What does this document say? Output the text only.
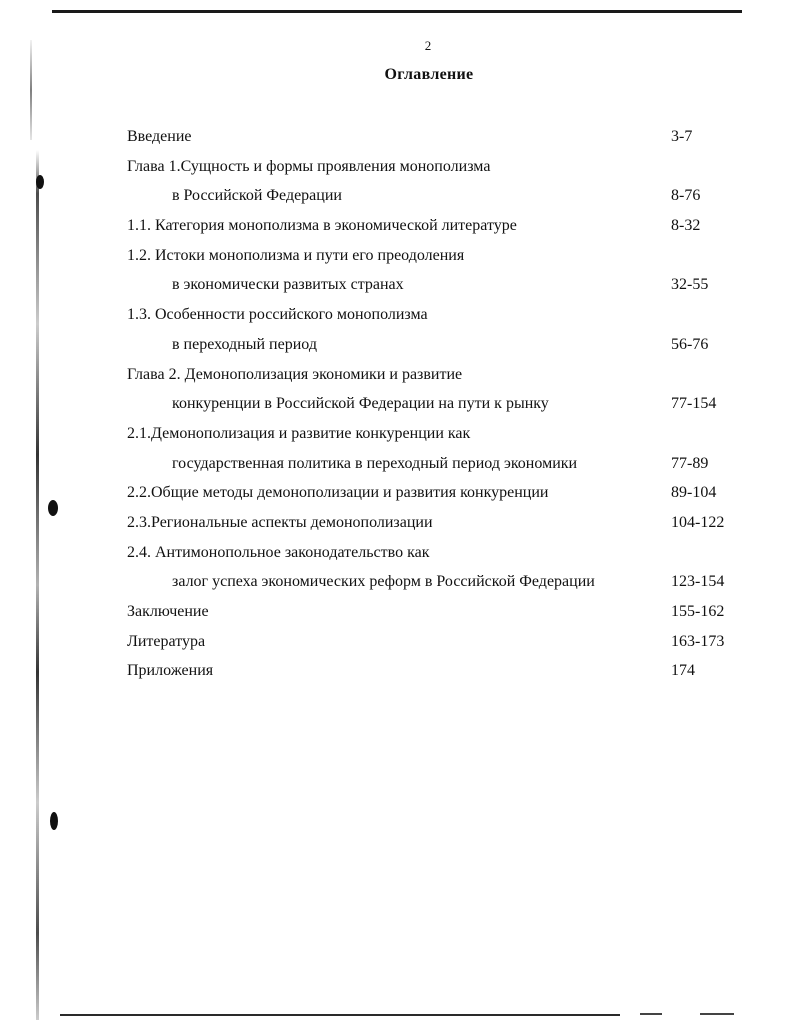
2
Оглавление
Введение	3-7
Глава 1.Сущность и формы проявления монополизма
в Российской Федерации	8-76
1.1. Категория монополизма в экономической литературе	8-32
1.2. Истоки монополизма и пути его преодоления
в экономически развитых странах	32-55
1.3. Особенности российского монополизма
в переходный период	56-76
Глава 2. Демонополизация экономики и развитие
конкуренции в Российской Федерации на пути к рынку	77-154
2.1.Демонополизация и развитие конкуренции как
государственная политика в переходный период экономики	77-89
2.2.Общие методы демонополизации и развития конкуренции	89-104
2.3.Региональные аспекты демонополизации	104-122
2.4. Антимонопольное законодательство как
залог успеха экономических реформ в Российской Федерации	123-154
Заключение	155-162
Литература	163-173
Приложения	174
